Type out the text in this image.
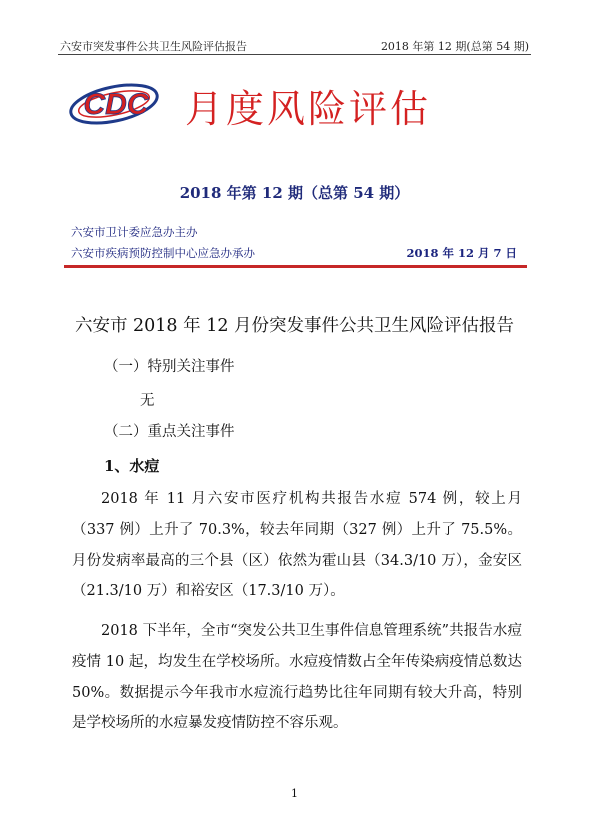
六安市突发事件公共卫生风险评估报告	2018 年第 12 期(总第 54 期)
CDC 月度风险评估
2018 年第 12 期（总第 54 期）
六安市卫计委应急办主办
六安市疾病预防控制中心应急办承办	2018 年 12 月 7 日
六安市 2018 年 12 月份突发事件公共卫生风险评估报告
（一）特别关注事件
无
（二）重点关注事件
1、水痘
2018 年 11 月六安市医疗机构共报告水痘 574 例，较上月（337 例）上升了 70.3%，较去年同期（327 例）上升了 75.5%。月份发病率最高的三个县（区）依然为霍山县（34.3/10 万），金安区（21.3/10 万）和裕安区（17.3/10 万）。
2018 下半年，全市“突发公共卫生事件信息管理系统”共报告水痘疫情 10 起，均发生在学校场所。水痘疫情数占全年传染病疫情总数达 50%。数据提示今年我市水痘流行趋势比往年同期有较大升高，特别是学校场所的水痘暴发疫情防控不容乐观。
1
